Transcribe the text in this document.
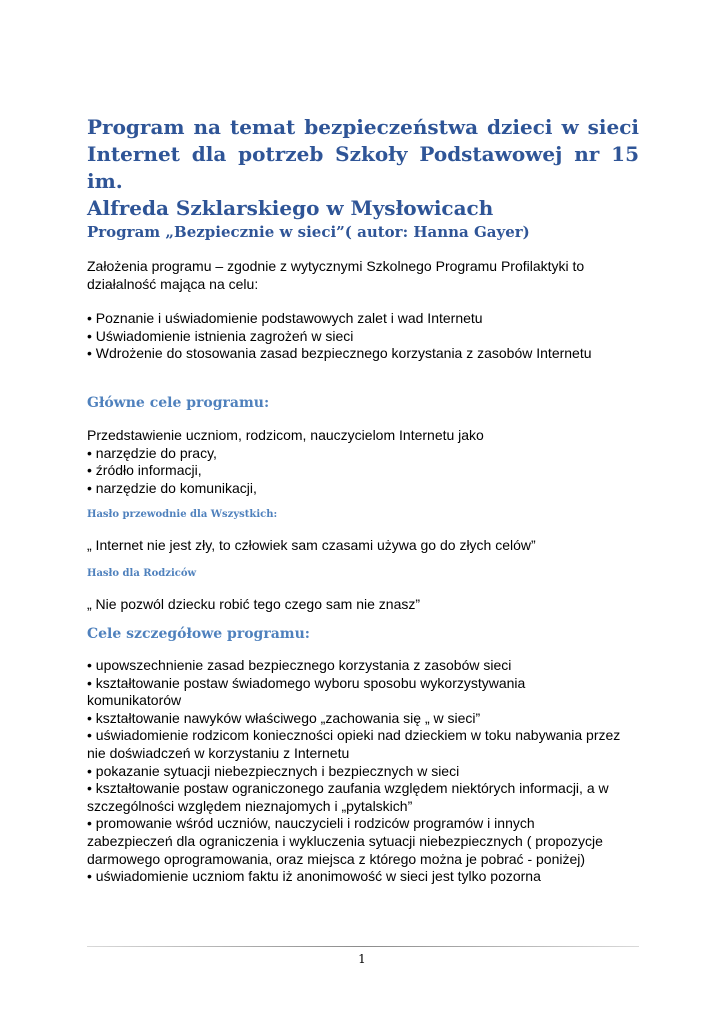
Program na temat bezpieczeństwa dzieci w sieci
Internet dla potrzeb Szkoły Podstawowej nr 15 im.
Alfreda Szklarskiego w Mysłowicach
Program „Bezpiecznie w sieci”( autor: Hanna Gayer)
Założenia programu – zgodnie z wytycznymi Szkolnego Programu Profilaktyki to
działalność mająca na celu:
• Poznanie i uświadomienie podstawowych zalet i wad Internetu
• Uświadomienie istnienia zagrożeń w sieci
• Wdrożenie do stosowania zasad bezpiecznego korzystania z zasobów Internetu
Główne cele programu:
Przedstawienie uczniom, rodzicom, nauczycielom Internetu jako
• narzędzie do pracy,
• źródło informacji,
• narzędzie do komunikacji,
Hasło przewodnie dla Wszystkich:
„ Internet nie jest zły, to człowiek sam czasami używa go do złych celów”
Hasło dla Rodziców
„ Nie pozwól dziecku robić tego czego sam nie znasz”
Cele szczegółowe programu:
• upowszechnienie zasad bezpiecznego korzystania z zasobów sieci
• kształtowanie postaw świadomego wyboru sposobu wykorzystywania
komunikatorów
• kształtowanie nawyków właściwego „zachowania się „ w sieci”
• uświadomienie rodzicom konieczności opieki nad dzieckiem w toku nabywania przez
nie doświadczeń w korzystaniu z Internetu
• pokazanie sytuacji niebezpiecznych i bezpiecznych w sieci
• kształtowanie postaw ograniczonego zaufania względem niektórych informacji, a w
szczególności względem nieznajomych i „pytalskich”
• promowanie wśród uczniów, nauczycieli i rodziców programów i innych
zabezpieczeń dla ograniczenia i wykluczenia sytuacji niebezpiecznych ( propozycje
darmowego oprogramowania, oraz miejsca z którego można je pobrać - poniżej)
• uświadomienie uczniom faktu iż anonimowość w sieci jest tylko pozorna
1
